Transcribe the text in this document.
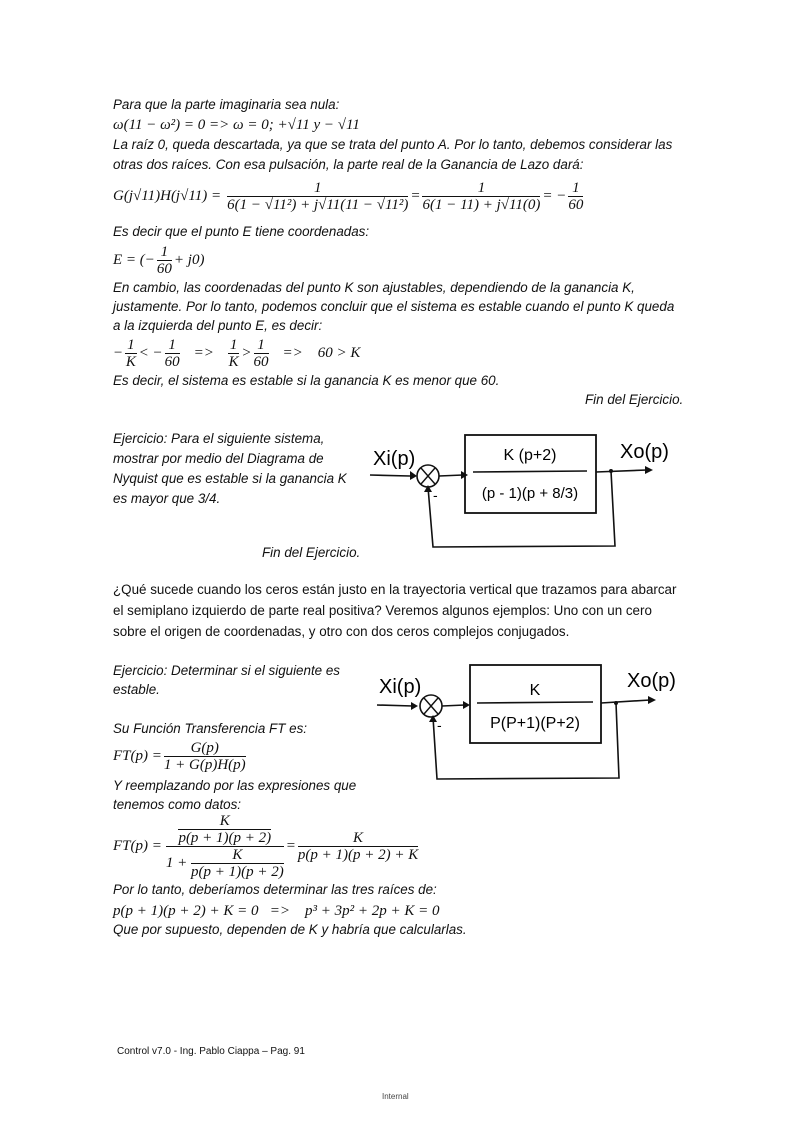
Para que la parte imaginaria sea nula:
ω(11 − ω²) = 0 => ω = 0; +√11 y − √11
La raíz 0, queda descartada, ya que se trata del punto A. Por lo tanto, debemos considerar las
otras dos raíces. Con esa pulsación, la parte real de la Ganancia de Lazo dará:
$G(j√11)H(j√11) = \frac{1}{\text{6(1 − √11²) + j√11(11 − √11²)}} = \frac{1}{6(1 - 11) + j√11(0)}$ = − $\frac{1}{60}$
Es decir que el punto E tiene coordenadas:
E = (− $\frac{1}{60} + j0$)
En cambio, las coordenadas del punto K son ajustables, dependiendo de la ganancia K,
justamente. Por lo tanto, podemos concluir que el sistema es estable cuando el punto K queda
a la izquierda del punto E, es decir:
− $\frac{1}{K}$ < − $\frac{1}{60} => \frac{1}{K} > \frac{1}{60}$ =>    60 > K
Es decir, el sistema es estable si la ganancia K es menor que 60.
Fin del Ejercicio.
Ejercicio: Para el siguiente sistema,
mostrar por medio del Diagrama de
Nyquist que es estable si la ganancia K
es mayor que 3/4.
Fin del Ejercicio.
Xi(p)
-
K (p+2)
(p - 1)(p + 8/3)
Xo(p)
¿Qué sucede cuando los ceros están justo en la trayectoria vertical que trazamos para abarcar
el semiplano izquierdo de parte real positiva? Veremos algunos ejemplos: Uno con un cero
sobre el origen de coordenadas, y otro con dos ceros complejos conjugados.
Ejercicio: Determinar si el siguiente es
estable.
Su Función Transferencia FT es:
$FT(p) = \frac{G(p)}{1 + G(p)H(p)}$
Y reemplazando por las expresiones que
tenemos como datos:
$FT(p) = \frac{\frac{K}{p(p + 1)(p + 2)}}{1 + \frac{K}{p(p + 1)(p + 2)}} = \frac{K}{p(p + 1)(p + 2) + K}$
Por lo tanto, deberíamos determinar las tres raíces de:
p(p + 1)(p + 2) + K = 0   =>    p³ + 3p² + 2p + K = 0
Que por supuesto, dependen de K y habría que calcularlas.
Xi(p)
-
K
P(P+1)(P+2)
Xo(p)
Control v7.0 - Ing. Pablo Ciappa – Pag. 91
Internal
